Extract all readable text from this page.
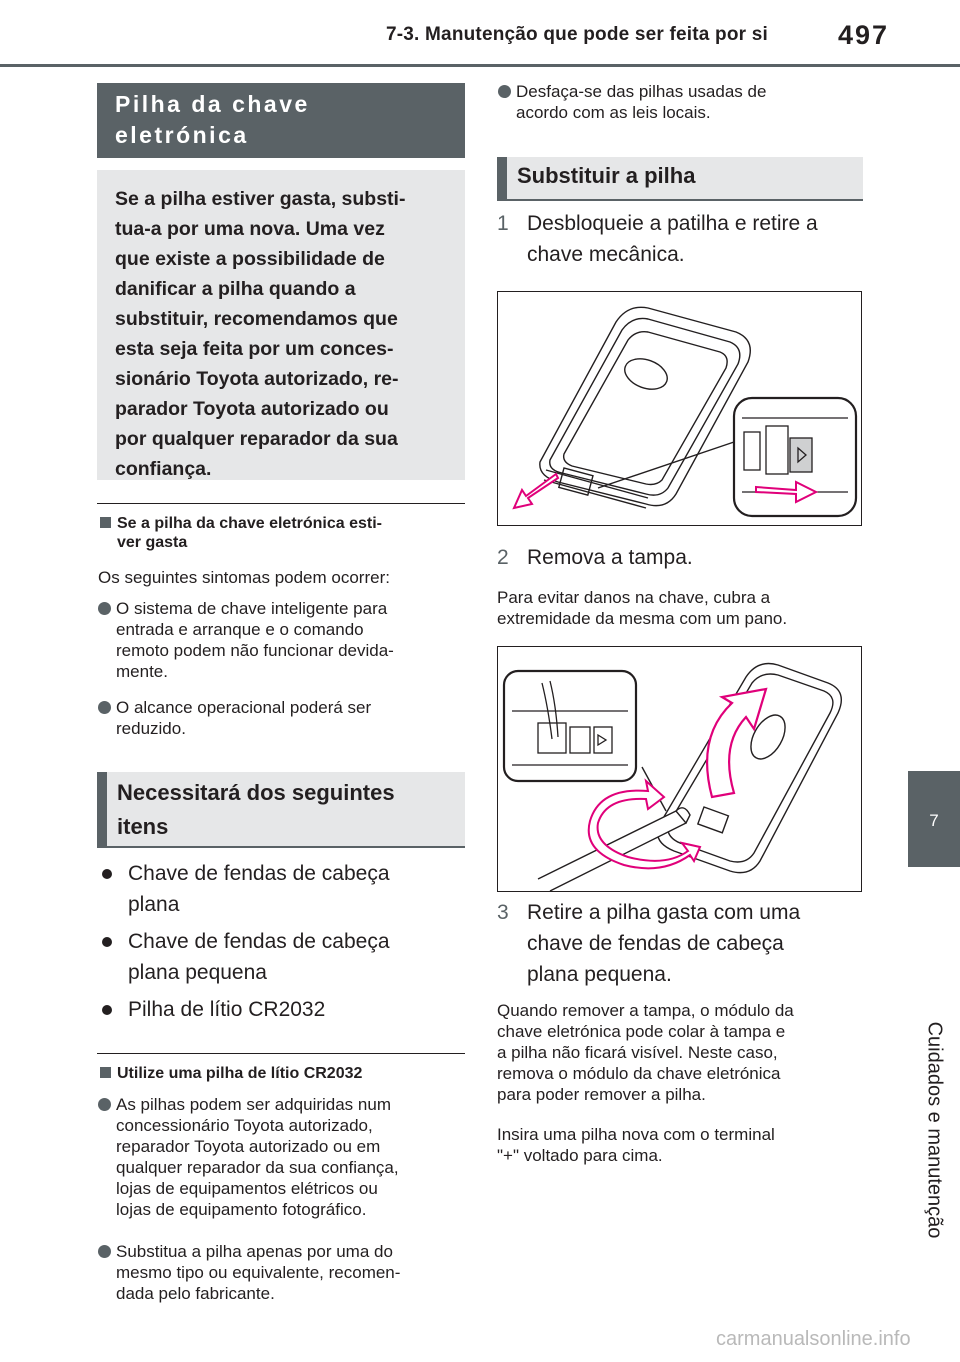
7-3. Manutenção que pode ser feita por si	497
7
Cuidados e manutenção
Pilha da chave eletrónica
Se a pilha estiver gasta, substi-
tua-a por uma nova. Uma vez
que existe a possibilidade de
danificar a pilha quando a
substituir, recomendamos que
esta seja feita por um conces-
sionário Toyota autorizado, re-
parador Toyota autorizado ou
por qualquer reparador da sua
confiança.
Se a pilha da chave eletrónica esti-
ver gasta
Os seguintes sintomas podem ocorrer:
O sistema de chave inteligente para
entrada e arranque e o comando
remoto podem não funcionar devida-
mente.
O alcance operacional poderá ser
reduzido.
Necessitará dos seguintes
itens
Chave de fendas de cabeça
plana
Chave de fendas de cabeça
plana pequena
Pilha de lítio CR2032
Utilize uma pilha de lítio CR2032
As pilhas podem ser adquiridas num
concessionário Toyota autorizado,
reparador Toyota autorizado ou em
qualquer reparador da sua confiança,
lojas de equipamentos elétricos ou
lojas de equipamento fotográfico.
Substitua a pilha apenas por uma do
mesmo tipo ou equivalente, recomen-
dada pelo fabricante.
Desfaça-se das pilhas usadas de
acordo com as leis locais.
Substituir a pilha
1 Desbloqueie a patilha e retire a
chave mecânica.
2 Remova a tampa.
Para evitar danos na chave, cubra a
extremidade da mesma com um pano.
3 Retire a pilha gasta com uma
chave de fendas de cabeça
plana pequena.
Quando remover a tampa, o módulo da
chave eletrónica pode colar à tampa e
a pilha não ficará visível. Neste caso,
remova o módulo da chave eletrónica
para poder remover a pilha.
Insira uma pilha nova com o terminal
"+" voltado para cima.
carmanualsonline.info
